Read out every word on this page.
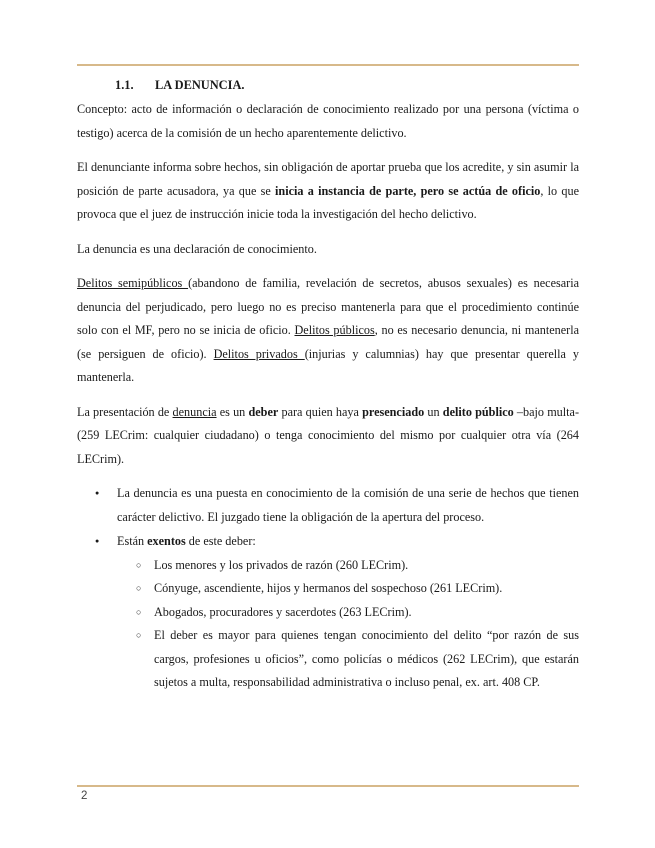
1.1. LA DENUNCIA.

Concepto: acto de información o declaración de conocimiento realizado por una persona (víctima o testigo) acerca de la comisión de un hecho aparentemente delictivo.

El denunciante informa sobre hechos, sin obligación de aportar prueba que los acredite, y sin asumir la posición de parte acusadora, ya que se inicia a instancia de parte, pero se actúa de oficio, lo que provoca que el juez de instrucción inicie toda la investigación del hecho delictivo.

La denuncia es una declaración de conocimiento.

Delitos semipúblicos (abandono de familia, revelación de secretos, abusos sexuales) es necesaria denuncia del perjudicado, pero luego no es preciso mantenerla para que el procedimiento continúe solo con el MF, pero no se inicia de oficio. Delitos públicos, no es necesario denuncia, ni mantenerla (se persiguen de oficio). Delitos privados (injurias y calumnias) hay que presentar querella y mantenerla.

La presentación de denuncia es un deber para quien haya presenciado un delito público –bajo multa- (259 LECrim: cualquier ciudadano) o tenga conocimiento del mismo por cualquier otra vía (264 LECrim).

● La denuncia es una puesta en conocimiento de la comisión de una serie de hechos que tienen carácter delictivo. El juzgado tiene la obligación de la apertura del proceso.
● Están exentos de este deber:
○ Los menores y los privados de razón (260 LECrim).
○ Cónyuge, ascendiente, hijos y hermanos del sospechoso (261 LECrim).
○ Abogados, procuradores y sacerdotes (263 LECrim).
○ El deber es mayor para quienes tengan conocimiento del delito “por razón de sus cargos, profesiones u oficios”, como policías o médicos (262 LECrim), que estarán sujetos a multa, responsabilidad administrativa o incluso penal, ex. art. 408 CP.
2
